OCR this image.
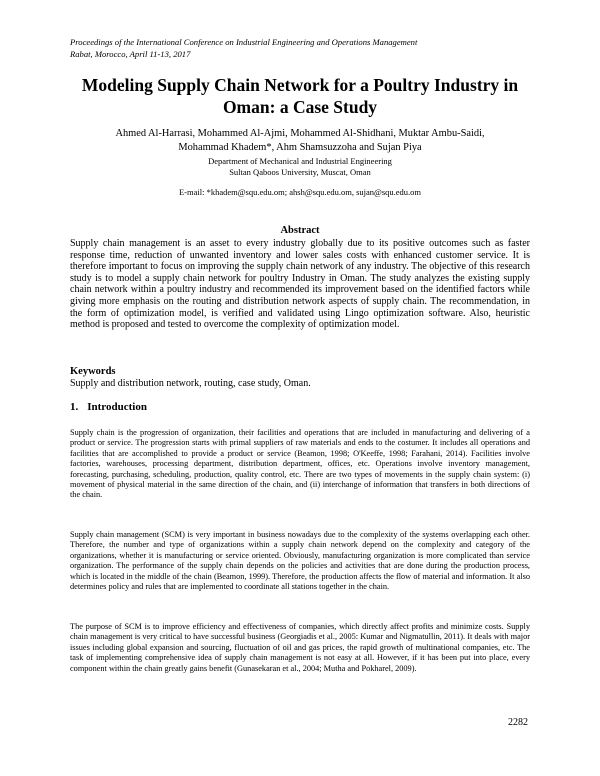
Proceedings of the International Conference on Industrial Engineering and Operations Management
Rabat, Morocco, April 11-13, 2017
Modeling Supply Chain Network for a Poultry Industry in
Oman: a Case Study
Ahmed Al-Harrasi, Mohammed Al-Ajmi, Mohammed Al-Shidhani, Muktar Ambu-Saidi,
Mohammad Khadem*, Ahm Shamsuzzoha and Sujan Piya
Department of Mechanical and Industrial Engineering
Sultan Qaboos University, Muscat, Oman
E-mail: *khadem@squ.edu.om; ahsh@squ.edu.om, sujan@squ.edu.om
Abstract
Supply chain management is an asset to every industry globally due to its positive outcomes such as faster response time, reduction of unwanted inventory and lower sales costs with enhanced customer service. It is therefore important to focus on improving the supply chain network of any industry. The objective of this research study is to model a supply chain network for poultry Industry in Oman. The study analyzes the existing supply chain network within a poultry industry and recommended its improvement based on the identified factors while giving more emphasis on the routing and distribution network aspects of supply chain. The recommendation, in the form of optimization model, is verified and validated using Lingo optimization software. Also, heuristic method is proposed and tested to overcome the complexity of optimization model.
Keywords
Supply and distribution network, routing, case study, Oman.
1. Introduction
Supply chain is the progression of organization, their facilities and operations that are included in manufacturing and delivering of a product or service. The progression starts with primal suppliers of raw materials and ends to the costumer. It includes all operations and facilities that are accomplished to provide a product or service (Beamon, 1998; O'Keeffe, 1998; Farahani, 2014). Facilities involve factories, warehouses, processing department, distribution department, offices, etc. Operations involve inventory management, forecasting, purchasing, scheduling, production, quality control, etc. There are two types of movements in the supply chain system: (i) movement of physical material in the same direction of the chain, and (ii) interchange of information that transfers in both directions of the chain.
Supply chain management (SCM) is very important in business nowadays due to the complexity of the systems overlapping each other. Therefore, the number and type of organizations within a supply chain network depend on the complexity and category of the organizations, whether it is manufacturing or service oriented. Obviously, manufacturing organization is more complicated than service organization. The performance of the supply chain depends on the policies and activities that are done during the production process, which is located in the middle of the chain (Beamon, 1999). Therefore, the production affects the flow of material and information. It also determines policy and rules that are implemented to coordinate all stations together in the chain.
The purpose of SCM is to improve efficiency and effectiveness of companies, which directly affect profits and minimize costs. Supply chain management is very critical to have successful business (Georgiadis et al., 2005: Kumar and Nigmatullin, 2011). It deals with major issues including global expansion and sourcing, fluctuation of oil and gas prices, the rapid growth of multinational companies, etc. The task of implementing comprehensive idea of supply chain management is not easy at all. However, if it has been put into place, every component within the chain greatly gains benefit (Gunasekaran et al., 2004; Mutha and Pokharel, 2009).
2282
